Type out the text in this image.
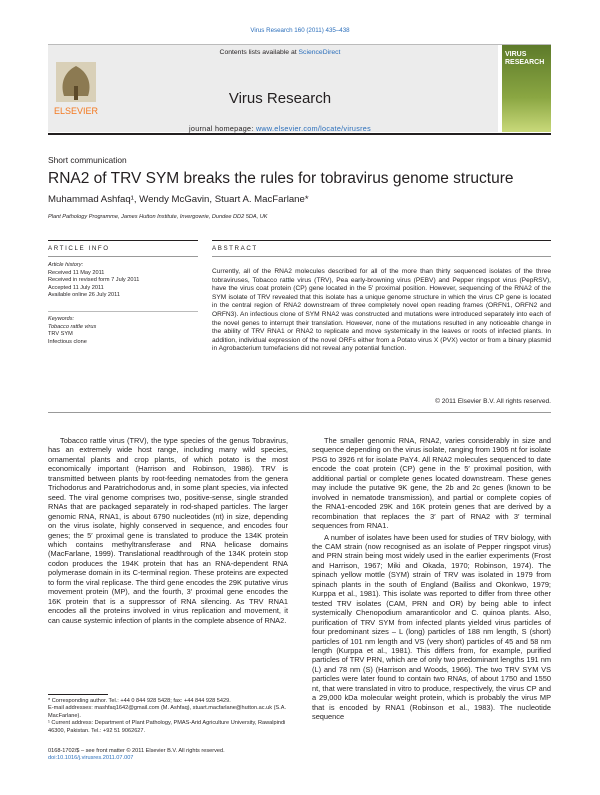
Virus Research 160 (2011) 435–438
ELSEVIER
Contents lists available at ScienceDirect
Virus Research
journal homepage: www.elsevier.com/locate/virusres
VIRUS RESEARCH
Short communication
RNA2 of TRV SYM breaks the rules for tobravirus genome structure
Muhammad Ashfaq¹, Wendy McGavin, Stuart A. MacFarlane*
Plant Pathology Programme, James Hutton Institute, Invergowrie, Dundee DD2 5DA, UK
ARTICLE INFO	ABSTRACT
Article history:
Received 11 May 2011
Received in revised form 7 July 2011
Accepted 11 July 2011
Available online 26 July 2011
Keywords:
Tobacco rattle virus
TRV SYM
Infectious clone
Currently, all of the RNA2 molecules described for all of the more than thirty sequenced isolates of the three tobraviruses, Tobacco rattle virus (TRV), Pea early-browning virus (PEBV) and Pepper ringspot virus (PepRSV), have the virus coat protein (CP) gene located in the 5′ proximal position. However, sequencing of the RNA2 of the SYM isolate of TRV revealed that this isolate has a unique genome structure in which the virus CP gene is located in the central region of RNA2 downstream of three completely novel open reading frames (ORFN1, ORFN2 and ORFN3). An infectious clone of SYM RNA2 was constructed and mutations were introduced separately into each of the novel genes to interrupt their translation. However, none of the mutations resulted in any noticeable change in the ability of TRV RNA1 or RNA2 to replicate and move systemically in the leaves or roots of infected plants. In addition, individual expression of the novel ORFs either from a Potato virus X (PVX) vector or from a binary plasmid in Agrobacterium tumefaciens did not reveal any potential function.
© 2011 Elsevier B.V. All rights reserved.

Tobacco rattle virus (TRV), the type species of the genus Tobravirus, has an extremely wide host range, including many wild species, ornamental plants and crop plants, of which potato is the most economically important (Harrison and Robinson, 1986). TRV is transmitted between plants by root-feeding nematodes from the genera Trichodorus and Paratrichodorus and, in some plant species, via infected seed. The viral genome comprises two, positive-sense, single stranded RNAs that are packaged separately in rod-shaped particles. The larger genomic RNA, RNA1, is about 6790 nucleotides (nt) in size, depending on the virus isolate, highly conserved in sequence, and encodes four genes; the 5′ proximal gene is translated to produce the 134K protein which contains methyltransferase and RNA helicase domains (MacFarlane, 1999). Translational readthrough of the 134K protein stop codon produces the 194K protein that has an RNA-dependent RNA polymerase domain in its C-terminal region. These proteins are expected to form the viral replicase. The third gene encodes the 29K putative virus movement protein (MP), and the fourth, 3′ proximal gene encodes the 16K protein that is a suppressor of RNA silencing. As TRV RNA1 encodes all the proteins involved in virus replication and movement, it can cause systemic infection of plants in the complete absence of RNA2.

The smaller genomic RNA, RNA2, varies considerably in size and sequence depending on the virus isolate, ranging from 1905 nt for isolate PSG to 3926 nt for isolate PaY4. All RNA2 molecules sequenced to date encode the coat protein (CP) gene in the 5′ proximal position, with additional partial or complete genes located downstream. These genes may include the putative 9K gene, the 2b and 2c genes (known to be involved in nematode transmission), and partial or complete copies of the RNA1-encoded 29K and 16K protein genes that are derived by a recombination that replaces the 3′ part of RNA2 with 3′ terminal sequences from RNA1.

A number of isolates have been used for studies of TRV biology, with the CAM strain (now recognised as an isolate of Pepper ringspot virus) and PRN strain being most widely used in the earlier experiments (Frost and Harrison, 1967; Miki and Okada, 1970; Robinson, 1974). The spinach yellow mottle (SYM) strain of TRV was isolated in 1979 from spinach plants in the south of England (Bailiss and Okonkwo, 1979; Kurppa et al., 1981). This isolate was reported to differ from three other tested TRV isolates (CAM, PRN and OR) by being able to infect systemically Chenopodium amaranticolor and C. quinoa plants. Also, purification of TRV SYM from infected plants yielded virus particles of four predominant sizes – L (long) particles of 188 nm length, S (short) particles of 101 nm length and VS (very short) particles of 45 and 58 nm length (Kurppa et al., 1981). This differs from, for example, purified particles of TRV PRN, which are of only two predominant lengths 191 nm (L) and 78 nm (S) (Harrison and Woods, 1966). The two TRV SYM VS particles were later found to contain two RNAs, of about 1750 and 1550 nt, that were translated in vitro to produce, respectively, the virus CP and a 29,000 kDa molecular weight protein, which is probably the virus MP that is encoded by RNA1 (Robinson et al., 1983). The nucleotide sequence

* Corresponding author. Tel.: +44 0 844 928 5428; fax: +44 844 928 5429.
E-mail addresses: mashfaq1642@gmail.com (M. Ashfaq), stuart.macfarlane@hutton.ac.uk (S.A. MacFarlane).
¹ Current address: Department of Plant Pathology, PMAS-Arid Agriculture University, Rawalpindi 46300, Pakistan. Tel.: +92 51 9062627.
0168-1702/$ – see front matter © 2011 Elsevier B.V. All rights reserved.
doi:10.1016/j.virusres.2011.07.007
